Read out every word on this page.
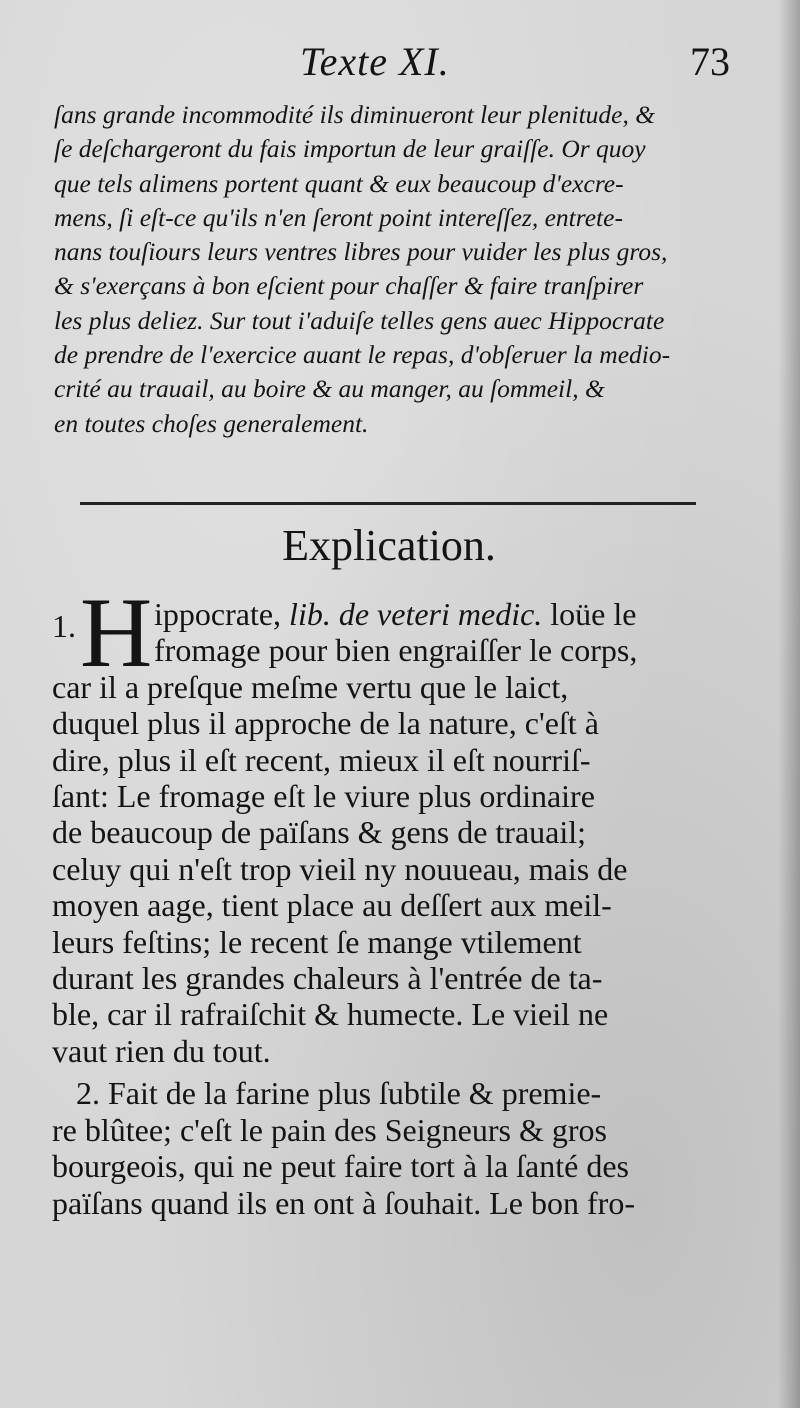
Texte XI.	73
ſans grande incommodité ils diminueront leur plenitude, &
ſe deſchargeront du fais importun de leur graiſſe. Or quoy
que tels alimens portent quant & eux beaucoup d'excre-
mens, ſi eſt-ce qu'ils n'en ſeront point intereſſez, entrete-
nans touſiours leurs ventres libres pour vuider les plus gros,
& s'exerçans à bon eſcient pour chaſſer & faire tranſpirer
les plus deliez. Sur tout i'aduiſe telles gens auec Hippocrate
de prendre de l'exercice auant le repas, d'obſeruer la medio-
crité au trauail, au boire & au manger, au ſommeil, &
en toutes choſes generalement.
Explication.
1. H ippocrate, lib. de veteri medic. loüe le
fromage pour bien engraiſſer le corps,
car il a preſque meſme vertu que le laict,
duquel plus il approche de la nature, c'eſt à
dire, plus il eſt recent, mieux il eſt nourriſ-
ſant: Le fromage eſt le viure plus ordinaire
de beaucoup de païſans & gens de trauail;
celuy qui n'eſt trop vieil ny nouueau, mais de
moyen aage, tient place au deſſert aux meil-
leurs feſtins; le recent ſe mange vtilement
durant les grandes chaleurs à l'entrée de ta-
ble, car il rafraiſchit & humecte. Le vieil ne
vaut rien du tout.
2. Fait de la farine plus ſubtile & premie-
re blûtee; c'eſt le pain des Seigneurs & gros
bourgeois, qui ne peut faire tort à la ſanté des
païſans quand ils en ont à ſouhait. Le bon fro-
